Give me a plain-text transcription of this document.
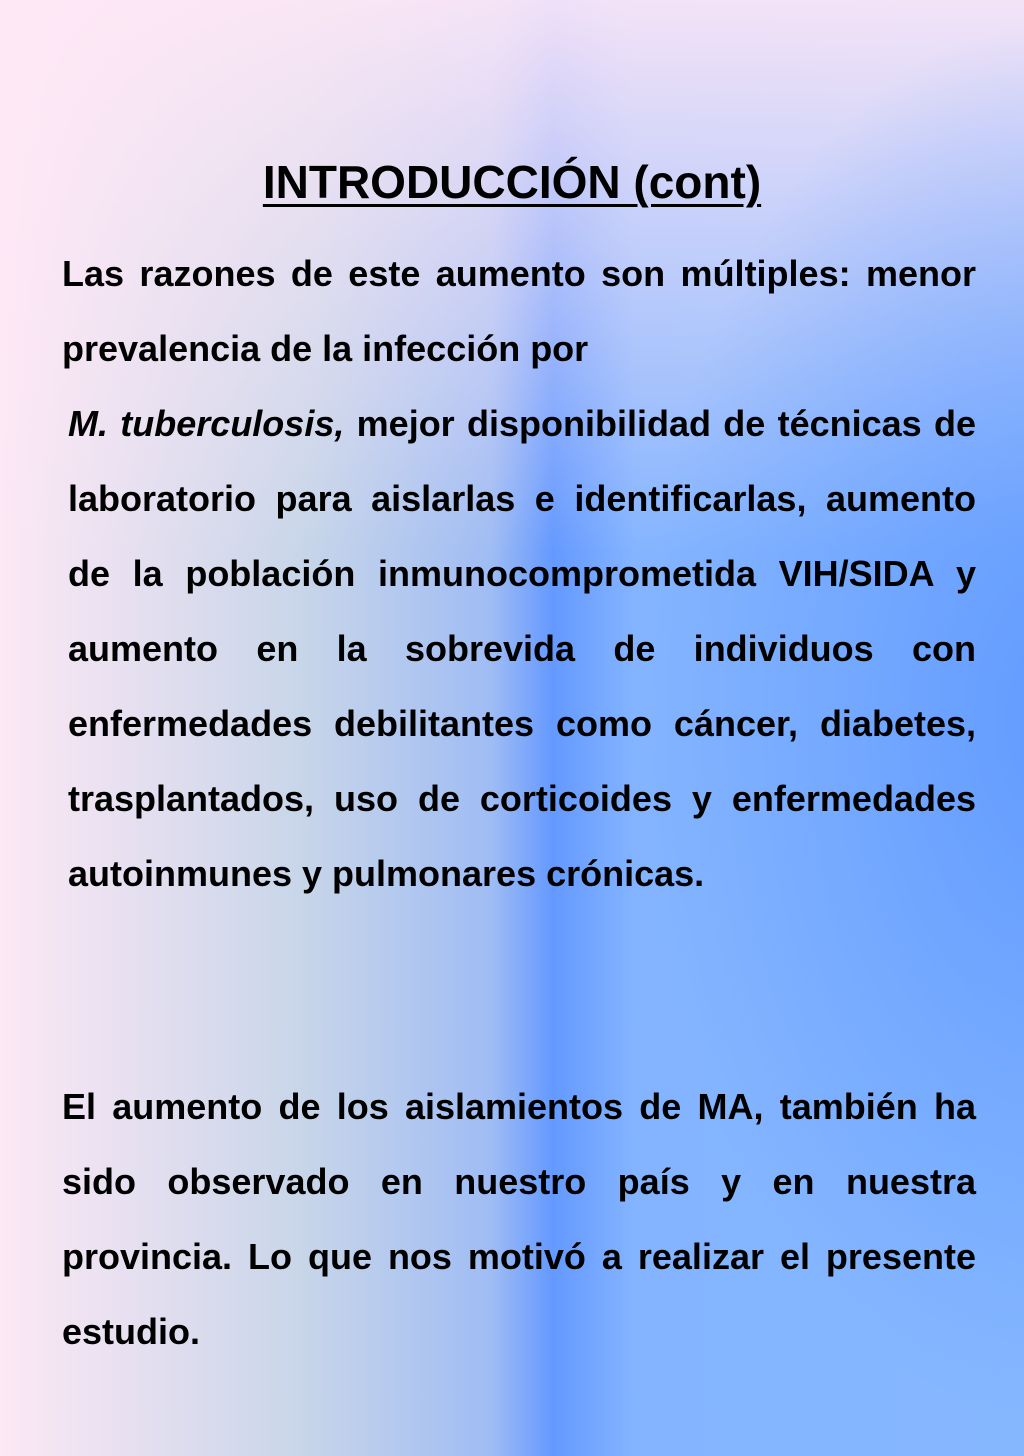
INTRODUCCIÓN (cont)

Las razones de este aumento son múltiples: menor prevalencia de la infección porM. tuberculosis, mejor disponibilidad de técnicas de laboratorio para aislarlas e identificarlas, aumento de la población inmunocomprometida VIH/SIDA y aumento en la sobrevida de individuos con enfermedades debilitantes como cáncer, diabetes, trasplantados, uso de corticoides y enfermedades autoinmunes y pulmonares crónicas.

El aumento de los aislamientos de MA, también ha sido observado en nuestro país y en nuestra provincia. Lo que nos motivó a realizar el presente estudio.
